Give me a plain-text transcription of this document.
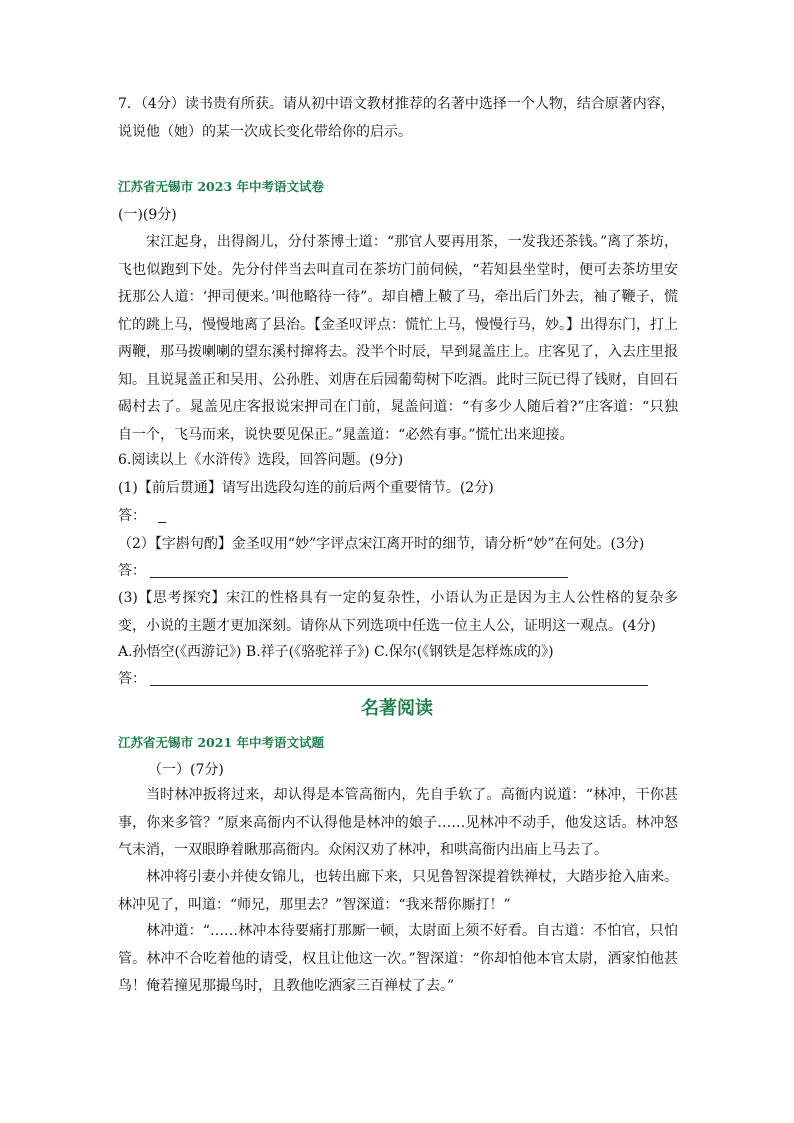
7．（4分）读书贵有所获。请从初中语文教材推荐的名著中选择一个人物，结合原著内容，
说说他（她）的某一次成长变化带给你的启示。
江苏省无锡市 2023 年中考语文试卷
(一)(9分)
宋江起身，出得阁儿，分付茶博士道：“那官人要再用茶，一发我还茶钱。”离了茶坊，飞也似跑到下处。先分付伴当去叫直司在茶坊门前伺候，“若知县坐堂时，便可去茶坊里安抚那公人道：‘押司便来。’叫他略待一待”。却自槽上鞁了马，牵出后门外去，袖了鞭子，慌忙的跳上马，慢慢地离了县治。【金圣叹评点：慌忙上马，慢慢行马，妙。】出得东门，打上两鞭，那马拨喇喇的望东溪村撺将去。没半个时辰，早到晁盖庄上。庄客见了，入去庄里报知。且说晁盖正和吴用、公孙胜、刘唐在后园葡萄树下吃酒。此时三阮已得了钱财，自回石碣村去了。晁盖见庄客报说宋押司在门前，晁盖问道：“有多少人随后着?”庄客道：“只独自一个，飞马而来，说快要见保正。”晁盖道：“必然有事。”慌忙出来迎接。
6.阅读以上《水浒传》选段，回答问题。(9分)
(1)【前后贯通】请写出选段勾连的前后两个重要情节。(2分)
答：
（2）【字斟句酌】金圣叹用“妙”字评点宋江离开时的细节，请分析“妙”在何处。(3分)
答：
(3)【思考探究】宋江的性格具有一定的复杂性，小语认为正是因为主人公性格的复杂多变，小说的主题才更加深刻。请你从下列选项中任选一位主人公，证明这一观点。(4分)
A.孙悟空(《西游记》) B.祥子(《骆驼祥子》) C.保尔(《钢铁是怎样炼成的》)
答：
名著阅读
江苏省无锡市 2021 年中考语文试题
（一）(7分)
当时林冲扳将过来，却认得是本管高衙内，先自手软了。高衙内说道：“林冲，干你甚事，你来多管？”原来高衙内不认得他是林冲的娘子……见林冲不动手，他发这话。林冲怒气未消，一双眼睁着瞅那高衙内。众闲汉劝了林冲，和哄高衙内出庙上马去了。
林冲将引妻小并使女锦儿，也转出廊下来，只见鲁智深提着铁禅杖，大踏步抢入庙来。林冲见了，叫道：“师兄，那里去？”智深道：“我来帮你厮打！”
林冲道：“……林冲本待要痛打那厮一顿，太尉面上须不好看。自古道：不怕官，只怕管。林冲不合吃着他的请受，权且让他这一次。”智深道：“你却怕他本官太尉，洒家怕他甚鸟！俺若撞见那撮鸟时，且教他吃洒家三百禅杖了去。”
